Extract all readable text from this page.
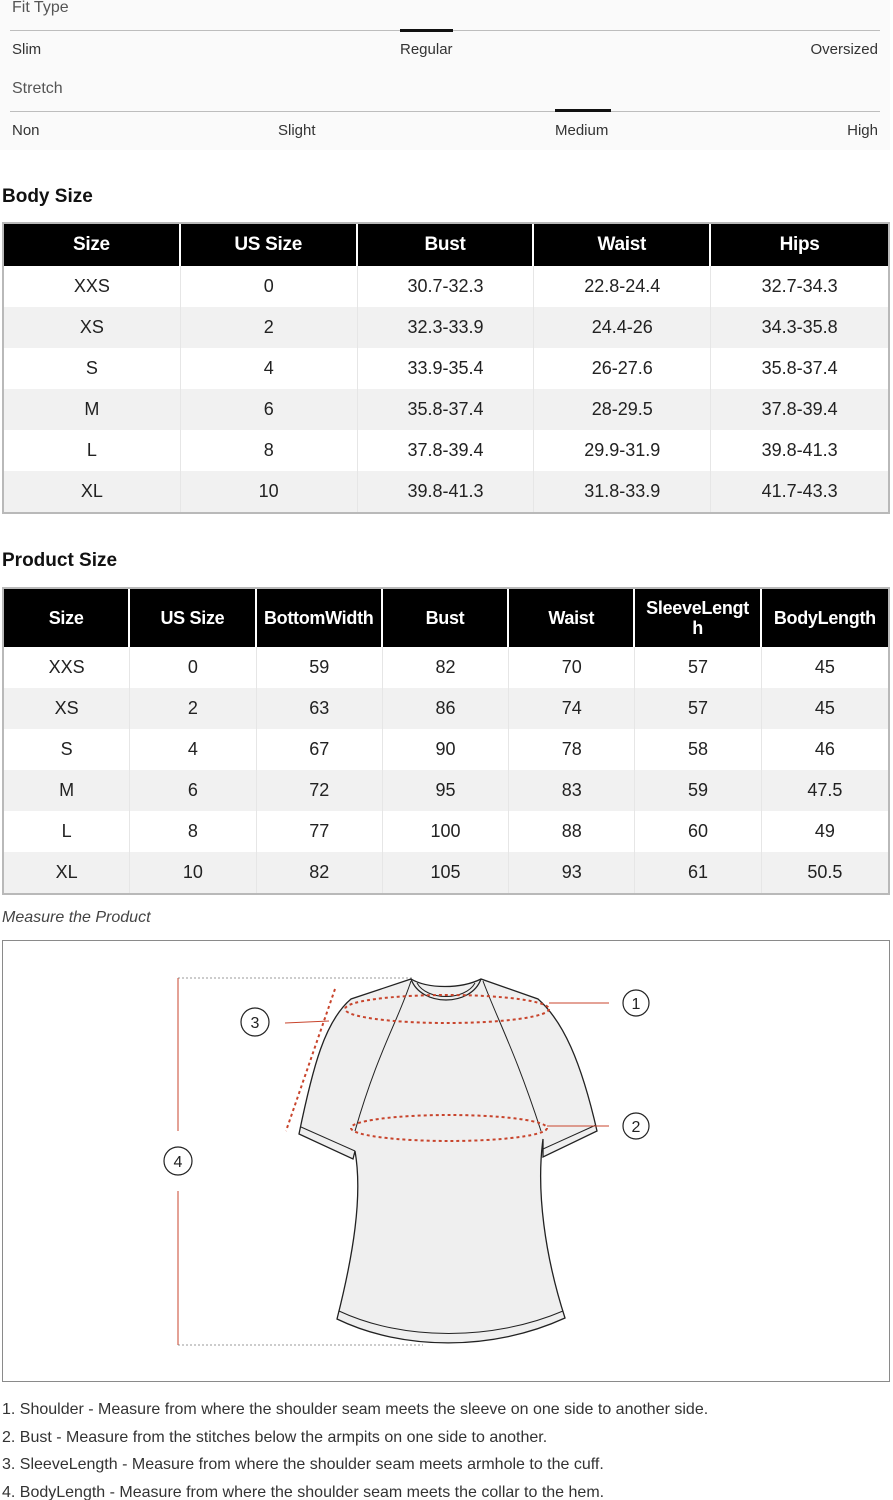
Fit Type
Slim	Regular	Oversized
Stretch
Non	Slight	Medium	High
Body Size
Size	US Size	Bust	Waist	Hips
XXS	0	30.7-32.3	22.8-24.4	32.7-34.3
XS	2	32.3-33.9	24.4-26	34.3-35.8
S	4	33.9-35.4	26-27.6	35.8-37.4
M	6	35.8-37.4	28-29.5	37.8-39.4
L	8	37.8-39.4	29.9-31.9	39.8-41.3
XL	10	39.8-41.3	31.8-33.9	41.7-43.3
Product Size
Size	US Size	BottomWidth	Bust	Waist	SleeveLength	BodyLength
XXS	0	59	82	70	57	45
XS	2	63	86	74	57	45
S	4	67	90	78	58	46
M	6	72	95	83	59	47.5
L	8	77	100	88	60	49
XL	10	82	105	93	61	50.5
Measure the Product
1
2
3
4
1. Shoulder - Measure from where the shoulder seam meets the sleeve on one side to another side.
2. Bust - Measure from the stitches below the armpits on one side to another.
3. SleeveLength - Measure from where the shoulder seam meets armhole to the cuff.
4. BodyLength - Measure from where the shoulder seam meets the collar to the hem.
